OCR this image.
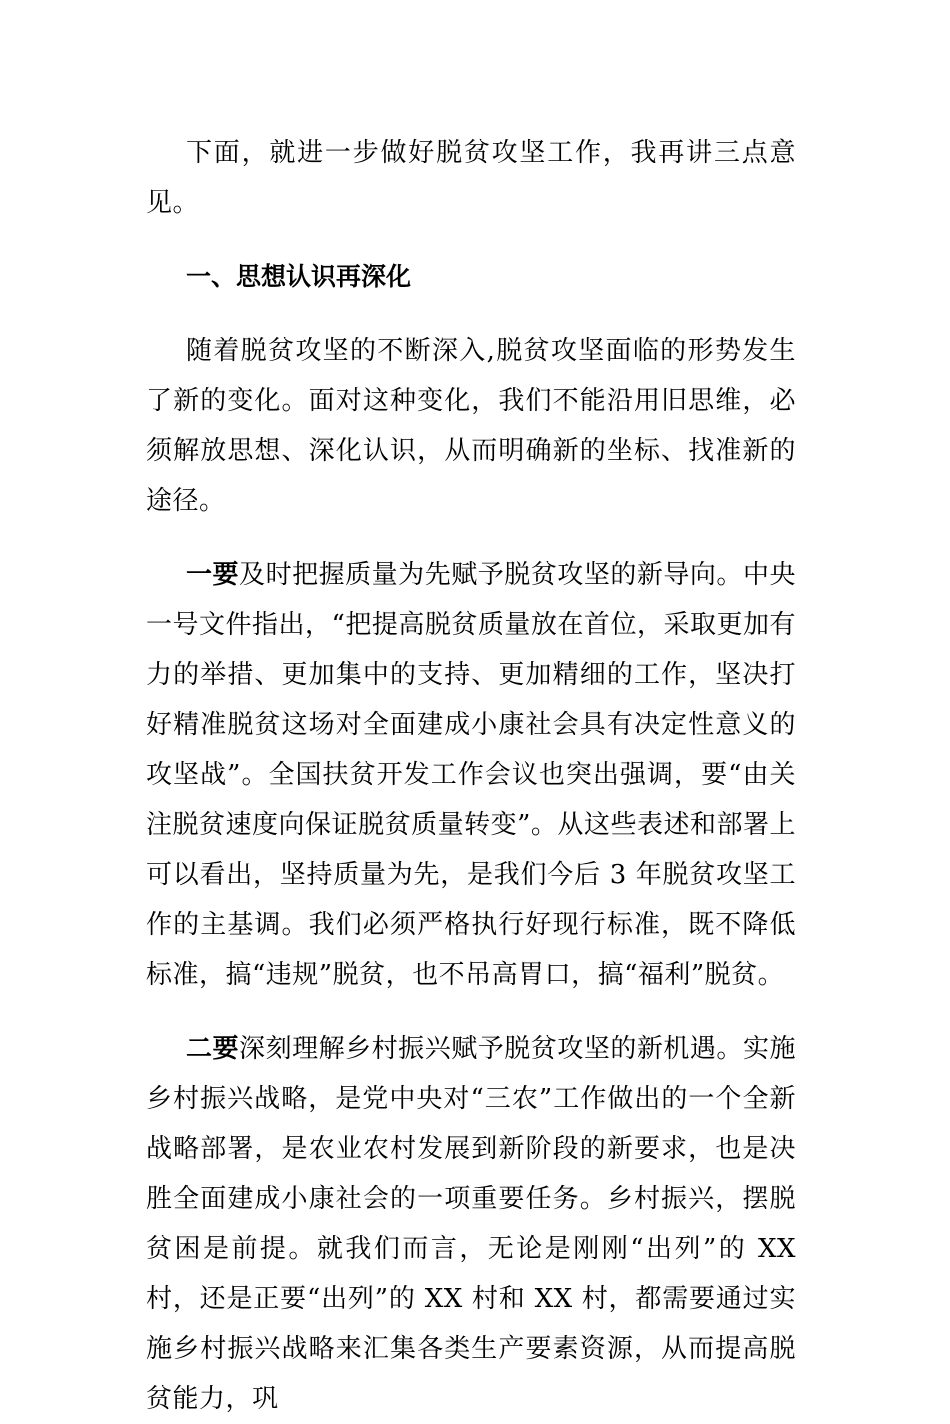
下面，就进一步做好脱贫攻坚工作，我再讲三点意见。

一、思想认识再深化

随着脱贫攻坚的不断深入,脱贫攻坚面临的形势发生了新的变化。面对这种变化，我们不能沿用旧思维，必须解放思想、深化认识，从而明确新的坐标、找准新的途径。

一要及时把握质量为先赋予脱贫攻坚的新导向。中央一号文件指出，“把提高脱贫质量放在首位，采取更加有力的举措、更加集中的支持、更加精细的工作，坚决打好精准脱贫这场对全面建成小康社会具有决定性意义的攻坚战”。全国扶贫开发工作会议也突出强调，要“由关注脱贫速度向保证脱贫质量转变”。从这些表述和部署上可以看出，坚持质量为先，是我们今后 3 年脱贫攻坚工作的主基调。我们必须严格执行好现行标准，既不降低标准，搞“违规”脱贫，也不吊高胃口，搞“福利”脱贫。

二要深刻理解乡村振兴赋予脱贫攻坚的新机遇。实施乡村振兴战略，是党中央对“三农”工作做出的一个全新战略部署，是农业农村发展到新阶段的新要求，也是决胜全面建成小康社会的一项重要任务。乡村振兴，摆脱贫困是前提。就我们而言，无论是刚刚“出列”的 XX 村，还是正要“出列”的 XX 村和 XX 村，都需要通过实施乡村振兴战略来汇集各类生产要素资源，从而提高脱贫能力，巩
